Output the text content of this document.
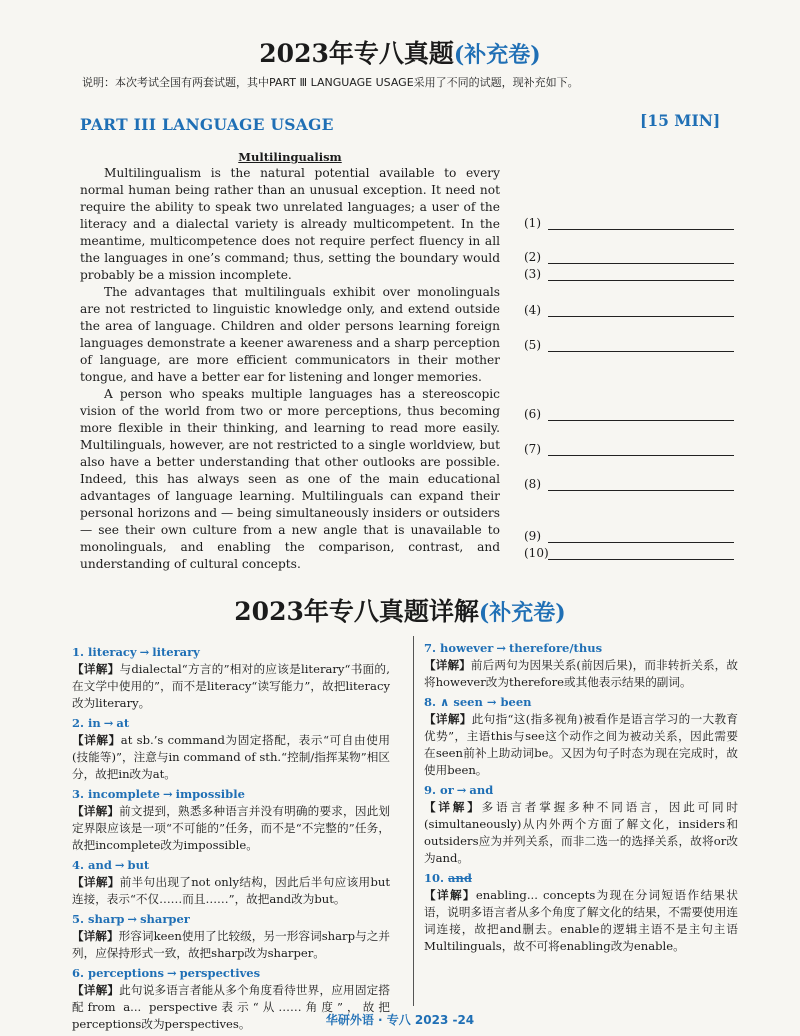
2023年专八真题(补充卷)
说明：本次考试全国有两套试题，其中PART Ⅲ LANGUAGE USAGE采用了不同的试题，现补充如下。
PART III LANGUAGE USAGE	[15 MIN]
Multilingualism

Multilingualism is the natural potential available to every normal human being rather than an unusual exception. It need not require the ability to speak two unrelated languages; a user of the literacy and a dialectal variety is already multicompetent. In the meantime, multicompetence does not require perfect fluency in all the languages in one’s command; thus, setting the boundary would probably be a mission incomplete.

The advantages that multilinguals exhibit over monolinguals are not restricted to linguistic knowledge only, and extend outside the area of language. Children and older persons learning foreign languages demonstrate a keener awareness and a sharp perception of language, are more efficient communicators in their mother tongue, and have a better ear for listening and longer memories.

A person who speaks multiple languages has a stereoscopic vision of the world from two or more perceptions, thus becoming more flexible in their thinking, and learning to read more easily. Multilinguals, however, are not restricted to a single worldview, but also have a better understanding that other outlooks are possible. Indeed, this has always seen as one of the main educational advantages of language learning. Multilinguals can expand their personal horizons and — being simultaneously insiders or outsiders — see their own culture from a new angle that is unavailable to monolinguals, and enabling the comparison, contrast, and understanding of cultural concepts.

(1)
(2)
(3)
(4)
(5)
(6)
(7)
(8)
(9)
(10)
2023年专八真题详解(补充卷)
1. literacy → literary
【详解】与dialectal“方言的”相对的应该是literary“书面的,在文学中使用的”，而不是literacy“读写能力”，故把literacy改为literary。
2. in → at
【详解】at sb.’s command为固定搭配，表示“可自由使用(技能等)”，注意与in command of sth.“控制/指挥某物”相区分，故把in改为at。
3. incomplete → impossible
【详解】前文提到，熟悉多种语言并没有明确的要求，因此划定界限应该是一项“不可能的”任务，而不是“不完整的”任务，故把incomplete改为impossible。
4. and → but
【详解】前半句出现了not only结构，因此后半句应该用but连接，表示“不仅……而且……”，故把and改为but。
5. sharp → sharper
【详解】形容词keen使用了比较级，另一形容词sharp与之并列，应保持形式一致，故把sharp改为sharper。
6. perceptions → perspectives
【详解】此句说多语言者能从多个角度看待世界，应用固定搭配from a... perspective表示“从……角度”，故把perceptions改为perspectives。
7. however → therefore/thus
【详解】前后两句为因果关系(前因后果)，而非转折关系，故将however改为therefore或其他表示结果的副词。
8. ∧ seen → been
【详解】此句指“这(指多视角)被看作是语言学习的一大教育优势”，主语this与see这个动作之间为被动关系，因此需要在seen前补上助动词be。又因为句子时态为现在完成时，故使用been。
9. or → and
【详解】多语言者掌握多种不同语言，因此可同时(simultaneously)从内外两个方面了解文化，insiders和outsiders应为并列关系，而非二选一的选择关系，故将or改为and。
10. and
【详解】enabling... concepts为现在分词短语作结果状语，说明多语言者从多个角度了解文化的结果，不需要使用连词连接，故把and删去。enable的逻辑主语不是主句主语Multilinguals，故不可将enabling改为enable。
华研外语 · 专八 2023 -24
